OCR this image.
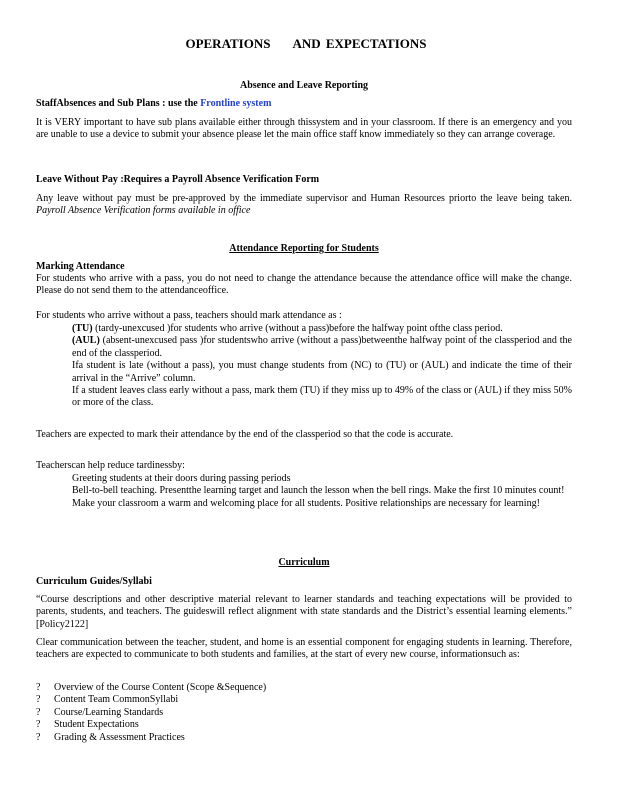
OPERATIONS AND EXPECTATIONS
Absence and Leave Reporting
StaffAbsences and Sub Plans : use the Frontline system
It is VERY important to have sub plans available either through thissystem and in your classroom. If there is an emergency and you are unable to use a device to submit your absence please let the main office staff know immediately so they can arrange coverage.
Leave Without Pay :Requires a Payroll Absence Verification Form
Any leave without pay must be pre-approved by the immediate supervisor and Human Resources priorto the leave being taken. Payroll Absence Verification forms available in office
Attendance Reporting for Students
Marking Attendance
For students who arrive with a pass, you do not need to change the attendance because the attendance office will make the change. Please do not send them to the attendanceoffice.
For students who arrive without a pass, teachers should mark attendance as :
(TU) (tardy-unexcused )for students who arrive (without a pass)before the halfway point ofthe class period.
(AUL) (absent-unexcused pass )for studentswho arrive (without a pass)betweenthe halfway point of the classperiod and the end of the classperiod.
Ifa student is late (without a pass), you must change students from (NC) to (TU) or (AUL) and indicate the time of their arrival in the “Arrive” column.
If a student leaves class early without a pass, mark them (TU) if they miss up to 49% of the class or (AUL) if they miss 50% or more of the class.
Teachers are expected to mark their attendance by the end of the classperiod so that the code is accurate.
Teacherscan help reduce tardinessby:
Greeting students at their doors during passing periods
Bell-to-bell teaching. Presentthe learning target and launch the lesson when the bell rings. Make the first 10 minutes count!
Make your classroom a warm and welcoming place for all students. Positive relationships are necessary for learning!
Curriculum
Curriculum Guides/Syllabi
“Course descriptions and other descriptive material relevant to learner standards and teaching expectations will be provided to parents, students, and teachers. The guideswill reflect alignment with state standards and the District’s essential learning elements.” [Policy2122]
Clear communication between the teacher, student, and home is an essential component for engaging students in learning. Therefore, teachers are expected to communicate to both students and families, at the start of every new course, informationsuch as:
? Overview of the Course Content (Scope &Sequence)
? Content Team CommonSyllabi
? Course/Learning Standards
? Student Expectations
? Grading & Assessment Practices
